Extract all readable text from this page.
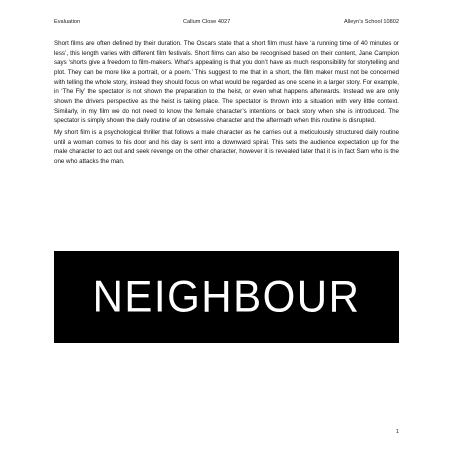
Evaluation	Callum Close 4027	Alleyn’s School 10802

Short films are often defined by their duration. The Oscars state that a short film must have ‘a running time of 40 minutes or less’, this length varies with different film festivals. Short films can also be recognised based on their content, Jane Campion says ‘shorts give a freedom to film-makers. What’s appealing is that you don’t have as much responsibility for storytelling and plot. They can be more like a portrait, or a poem.’ This suggest to me that in a short, the film maker must not be concerned with telling the whole story, instead they should focus on what would be regarded as one scene in a larger story. For example, in ‘The Fly’ the spectator is not shown the preparation to the heist, or even what happens afterwards. Instead we are only shown the drivers perspective as the heist is taking place. The spectator is thrown into a situation with very little context. Similarly, in my film we do not need to know the female character’s intentions or back story when she is introduced. The spectator is simply shown the daily routine of an obsessive character and the aftermath when this routine is disrupted.

My short film is a psychological thriller that follows a male character as he carries out a meticulously structured daily routine until a woman comes to his door and his day is sent into a downward spiral. This sets the audience expectation up for the male character to act out and seek revenge on the other character, however it is revealed later that it is in fact Sam who is the one who attacks the man.

NEIGHBOUR
1
